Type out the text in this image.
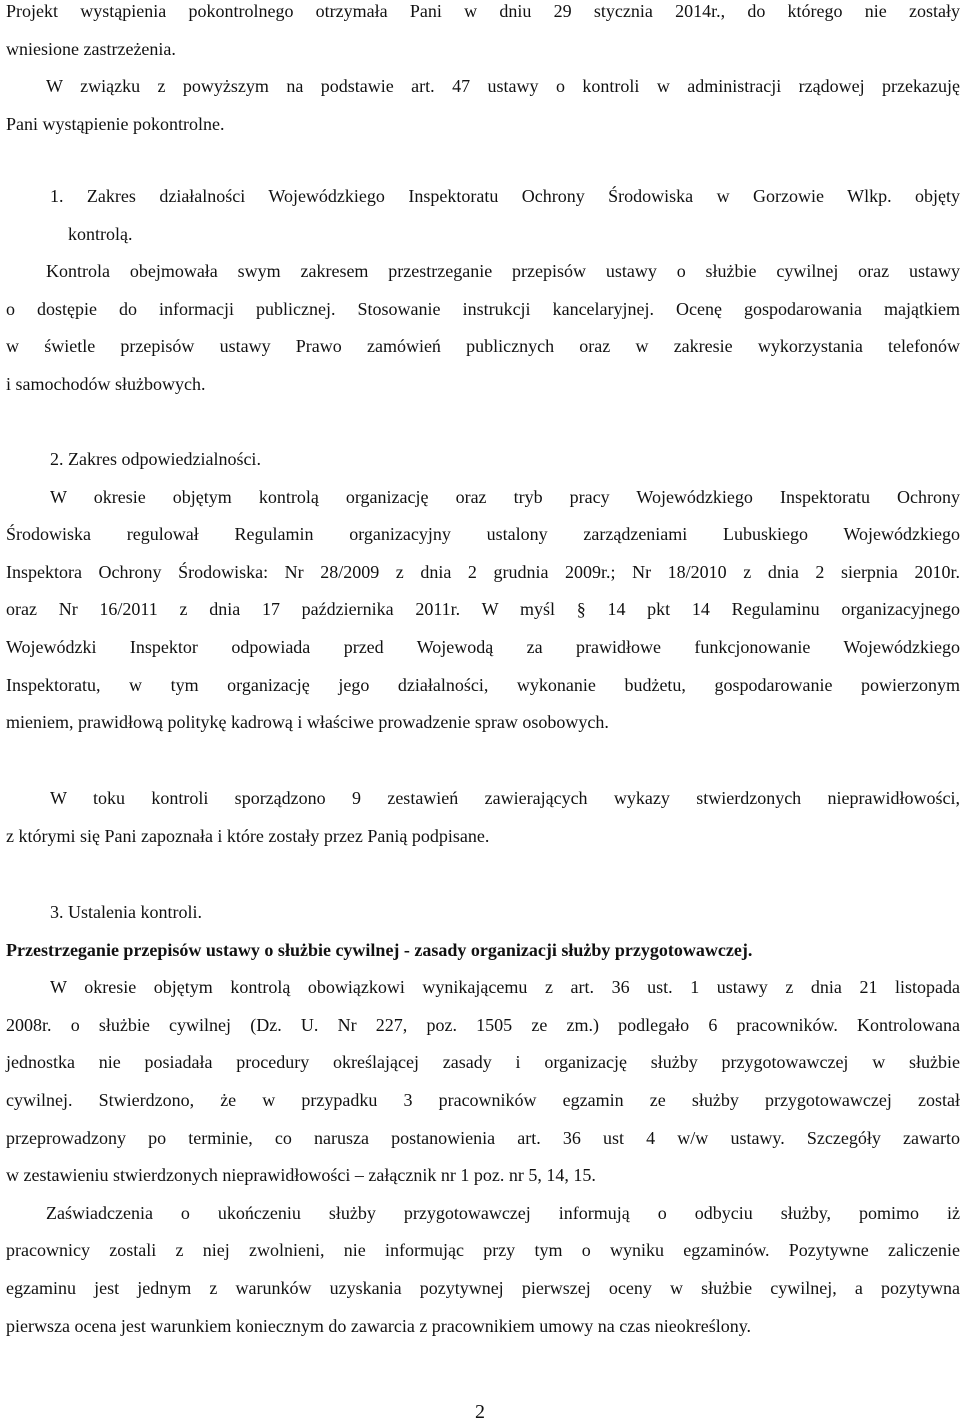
Projekt wystąpienia pokontrolnego otrzymała Pani w dniu 29 stycznia 2014r., do którego nie zostały
wniesione zastrzeżenia.
W związku z powyższym na podstawie art. 47 ustawy o kontroli w administracji rządowej przekazuję
Pani wystąpienie pokontrolne.
1. Zakres działalności Wojewódzkiego Inspektoratu Ochrony Środowiska w Gorzowie Wlkp. objęty
kontrolą.
Kontrola obejmowała swym zakresem przestrzeganie przepisów ustawy o służbie cywilnej oraz ustawy
o dostępie do informacji publicznej. Stosowanie instrukcji kancelaryjnej. Ocenę gospodarowania majątkiem
w świetle przepisów ustawy Prawo zamówień publicznych oraz w zakresie wykorzystania telefonów
i samochodów służbowych.
2. Zakres odpowiedzialności.
W okresie objętym kontrolą organizację oraz tryb pracy Wojewódzkiego Inspektoratu Ochrony
Środowiska regulował Regulamin organizacyjny ustalony zarządzeniami Lubuskiego Wojewódzkiego
Inspektora Ochrony Środowiska: Nr 28/2009 z dnia 2 grudnia 2009r.; Nr 18/2010 z dnia 2 sierpnia 2010r.
oraz Nr 16/2011 z dnia 17 października 2011r. W myśl § 14 pkt 14 Regulaminu organizacyjnego
Wojewódzki Inspektor odpowiada przed Wojewodą za prawidłowe funkcjonowanie Wojewódzkiego
Inspektoratu, w tym organizację jego działalności, wykonanie budżetu, gospodarowanie powierzonym
mieniem, prawidłową politykę kadrową i właściwe prowadzenie spraw osobowych.
W toku kontroli sporządzono 9 zestawień zawierających wykazy stwierdzonych nieprawidłowości,
z którymi się Pani zapoznała i które zostały przez Panią podpisane.
3. Ustalenia kontroli.
Przestrzeganie przepisów ustawy o służbie cywilnej - zasady organizacji służby przygotowawczej.
W okresie objętym kontrolą obowiązkowi wynikającemu z art. 36 ust. 1 ustawy z dnia 21 listopada
2008r. o służbie cywilnej (Dz. U. Nr 227, poz. 1505 ze zm.) podlegało 6 pracowników. Kontrolowana
jednostka nie posiadała procedury określającej zasady i organizację służby przygotowawczej w służbie
cywilnej. Stwierdzono, że w przypadku 3 pracowników egzamin ze służby przygotowawczej został
przeprowadzony po terminie, co narusza postanowienia art. 36 ust 4 w/w ustawy. Szczegóły zawarto
w zestawieniu stwierdzonych nieprawidłowości – załącznik nr 1 poz. nr 5, 14, 15.
Zaświadczenia o ukończeniu służby przygotowawczej informują o odbyciu służby, pomimo iż
pracownicy zostali z niej zwolnieni, nie informując przy tym o wyniku egzaminów. Pozytywne zaliczenie
egzaminu jest jednym z warunków uzyskania pozytywnej pierwszej oceny w służbie cywilnej, a pozytywna
pierwsza ocena jest warunkiem koniecznym do zawarcia z pracownikiem umowy na czas nieokreślony.
2
